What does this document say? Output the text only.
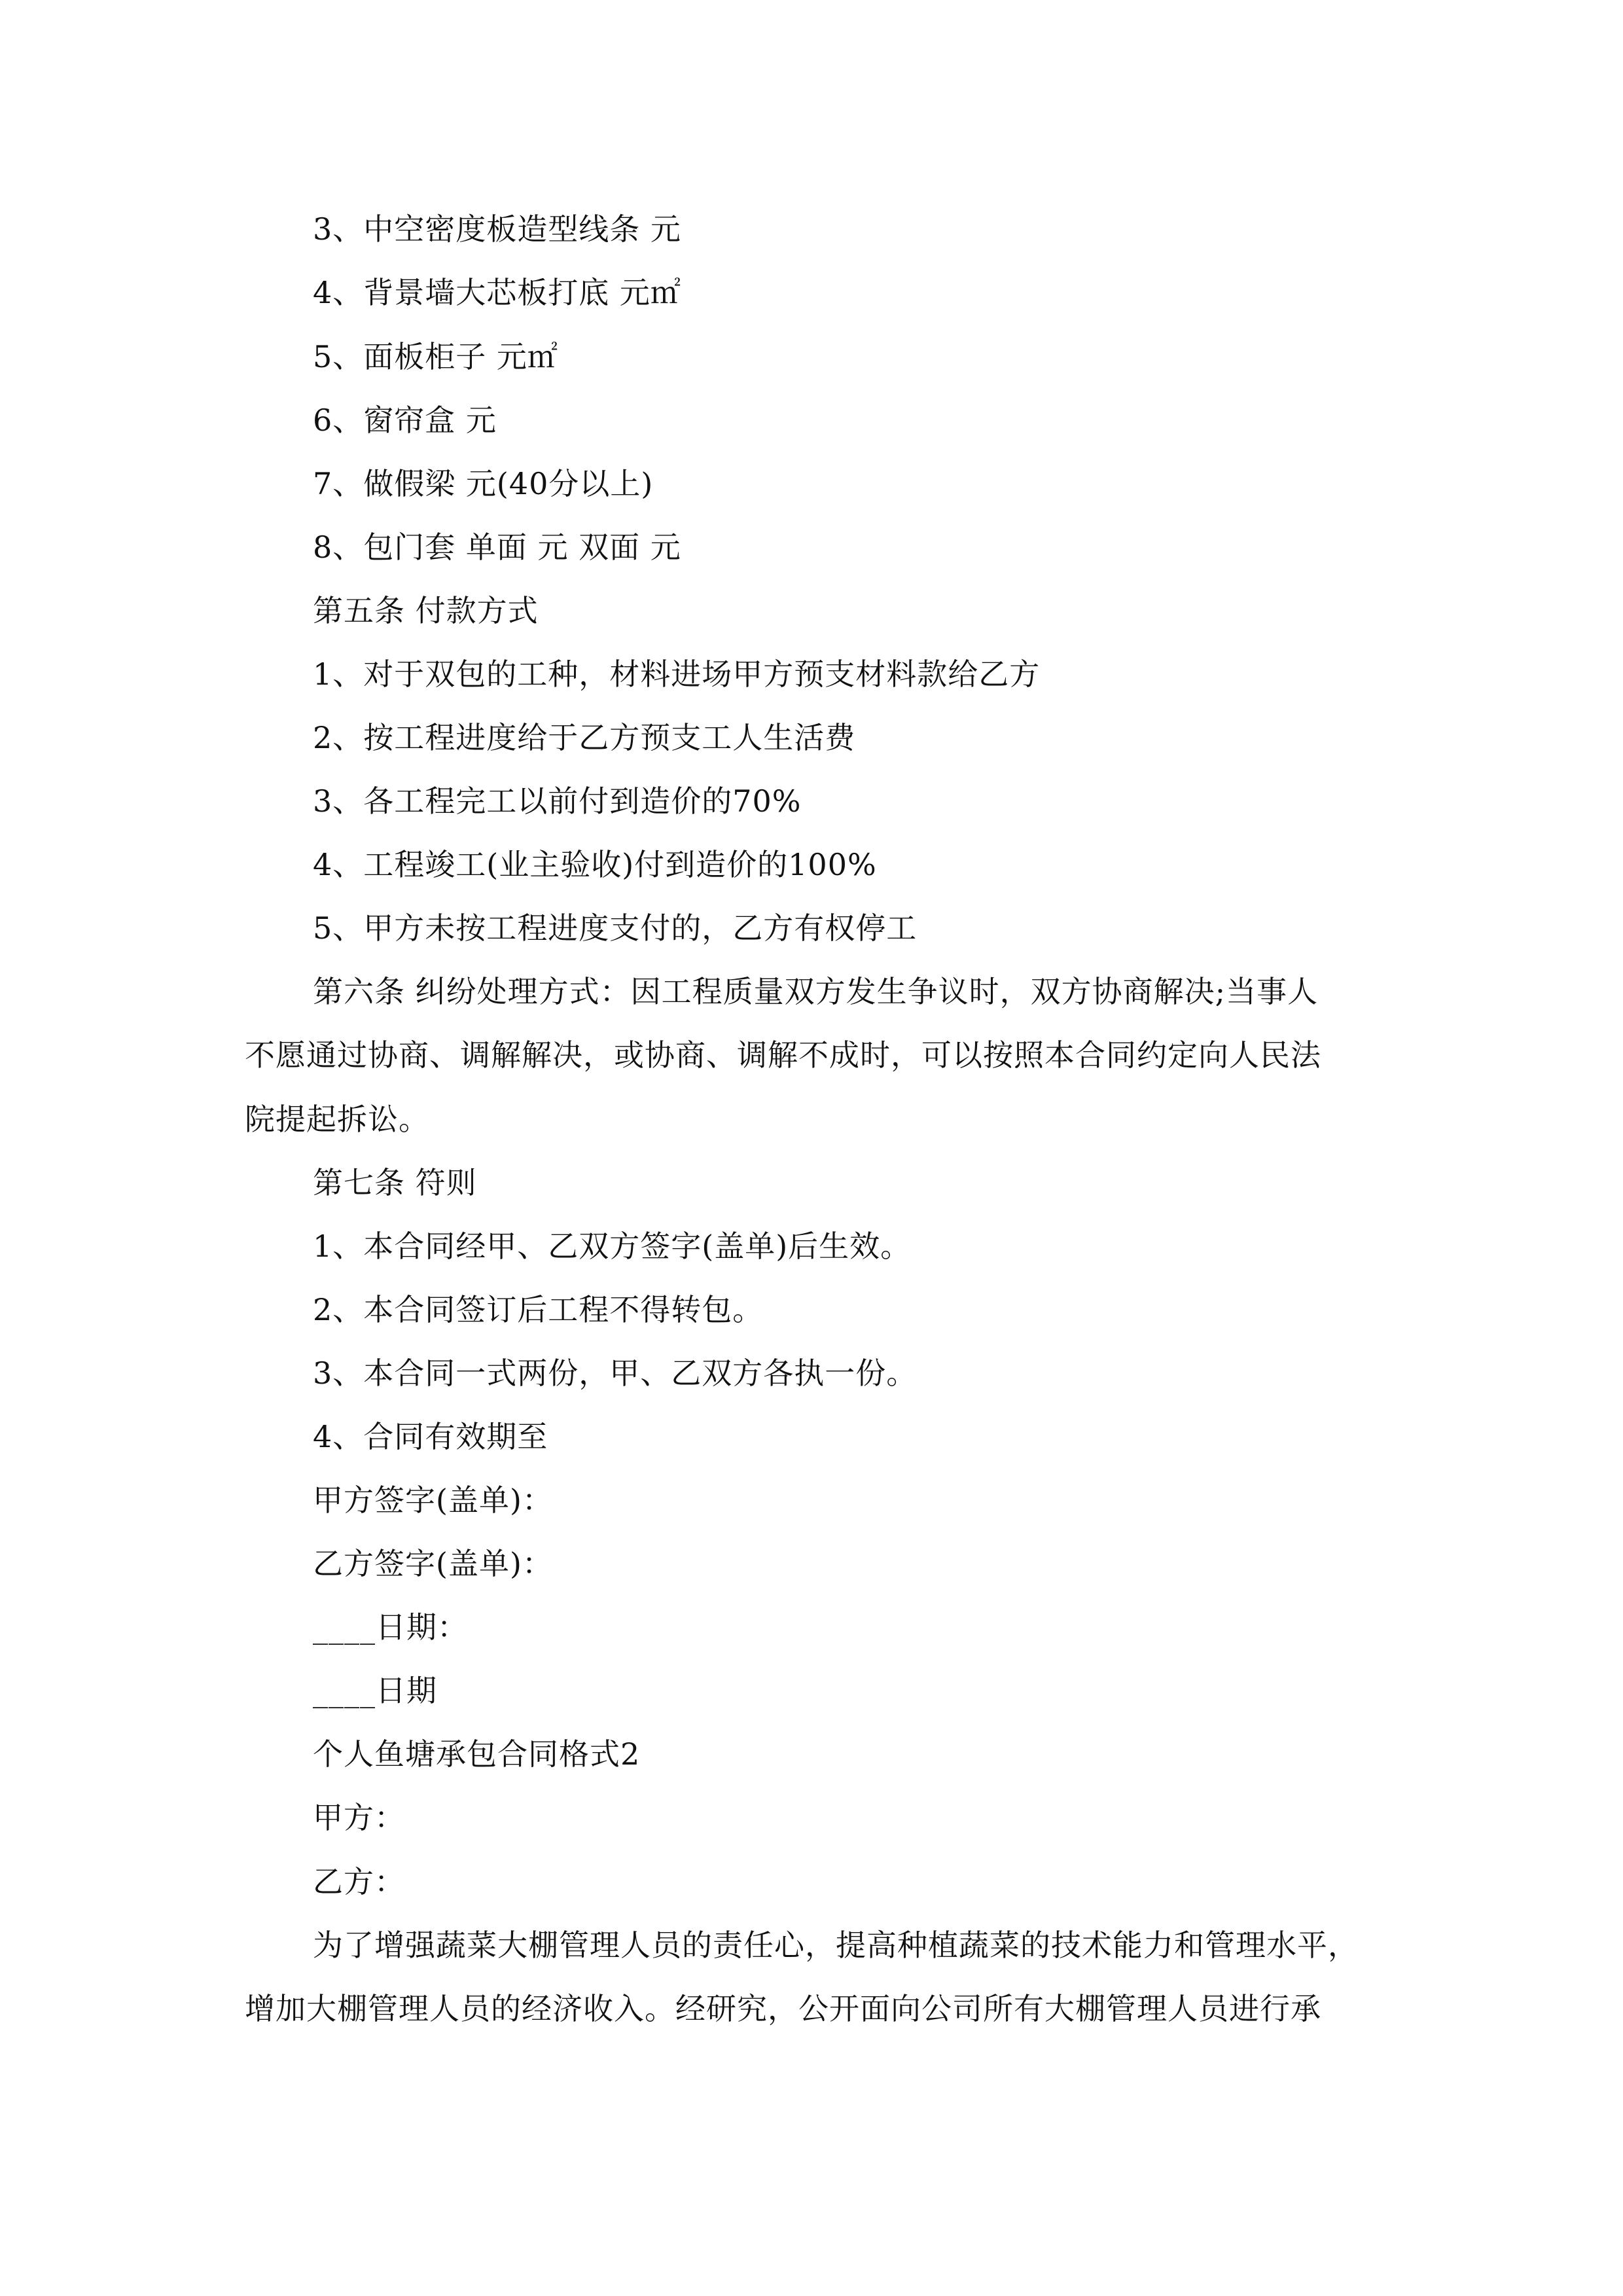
3、中空密度板造型线条 元
4、背景墙大芯板打底 元㎡
5、面板柜子 元㎡
6、窗帘盒 元
7、做假梁 元(40分以上)
8、包门套 单面 元 双面 元
第五条 付款方式
1、对于双包的工种，材料进场甲方预支材料款给乙方
2、按工程进度给于乙方预支工人生活费
3、各工程完工以前付到造价的70%
4、工程竣工(业主验收)付到造价的100%
5、甲方未按工程进度支付的，乙方有权停工
第六条 纠纷处理方式：因工程质量双方发生争议时，双方协商解决;当事人
不愿通过协商、调解解决，或协商、调解不成时，可以按照本合同约定向人民法
院提起拆讼。
第七条 符则
1、本合同经甲、乙双方签字(盖单)后生效。
2、本合同签订后工程不得转包。
3、本合同一式两份，甲、乙双方各执一份。
4、合同有效期至
甲方签字(盖单)：
乙方签字(盖单)：
____日期：
____日期
个人鱼塘承包合同格式2
甲方：
乙方：
为了增强蔬菜大棚管理人员的责任心，提高种植蔬菜的技术能力和管理水平，
增加大棚管理人员的经济收入。经研究，公开面向公司所有大棚管理人员进行承
